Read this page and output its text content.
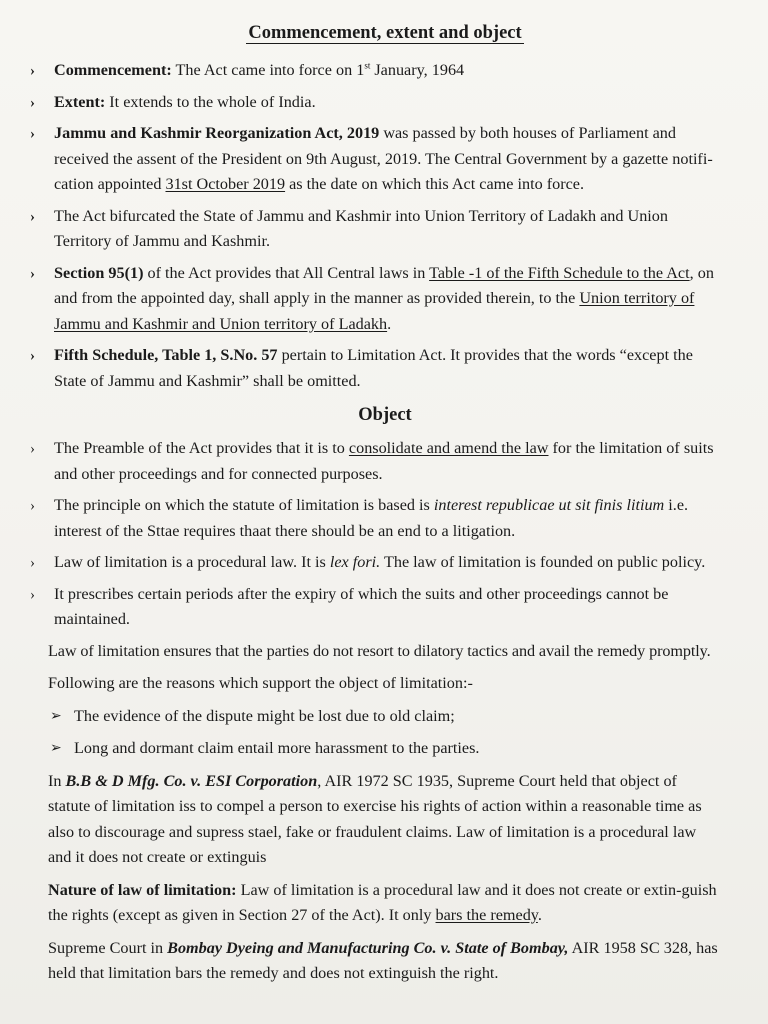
Commencement, extent and object
› Commencement: The Act came into force on 1st January, 1964
› Extent: It extends to the whole of India.
› Jammu and Kashmir Reorganization Act, 2019 was passed by both houses of Parliament and received the assent of the President on 9th August, 2019. The Central Government by a gazette notifi-cation appointed 31st October 2019 as the date on which this Act came into force.
› The Act bifurcated the State of Jammu and Kashmir into Union Territory of Ladakh and Union Territory of Jammu and Kashmir.
› Section 95(1) of the Act provides that All Central laws in Table -1 of the Fifth Schedule to the Act, on and from the appointed day, shall apply in the manner as provided therein, to the Union territory of Jammu and Kashmir and Union territory of Ladakh.
› Fifth Schedule, Table 1, S.No. 57 pertain to Limitation Act. It provides that the words “except the State of Jammu and Kashmir” shall be omitted.
Object
› The Preamble of the Act provides that it is to consolidate and amend the law for the limitation of suits and other proceedings and for connected purposes.
› The principle on which the statute of limitation is based is interest republicae ut sit finis litium i.e. interest of the Sttae requires thaat there should be an end to a litigation.
› Law of limitation is a procedural law. It is lex fori. The law of limitation is founded on public policy.
› It prescribes certain periods after the expiry of which the suits and other proceedings cannot be maintained.
Law of limitation ensures that the parties do not resort to dilatory tactics and avail the remedy promptly.
Following are the reasons which support the object of limitation:-
➢ The evidence of the dispute might be lost due to old claim;
➢ Long and dormant claim entail more harassment to the parties.
In B.B & D Mfg. Co. v. ESI Corporation, AIR 1972 SC 1935, Supreme Court held that object of statute of limitation iss to compel a person to exercise his rights of action within a reasonable time as also to discourage and supress stael, fake or fraudulent claims. Law of limitation is a procedural law and it does not create or extinguis
Nature of law of limitation: Law of limitation is a procedural law and it does not create or extin-guish the rights (except as given in Section 27 of the Act). It only bars the remedy.
Supreme Court in Bombay Dyeing and Manufacturing Co. v. State of Bombay, AIR 1958 SC 328, has held that limitation bars the remedy and does not extinguish the right.
